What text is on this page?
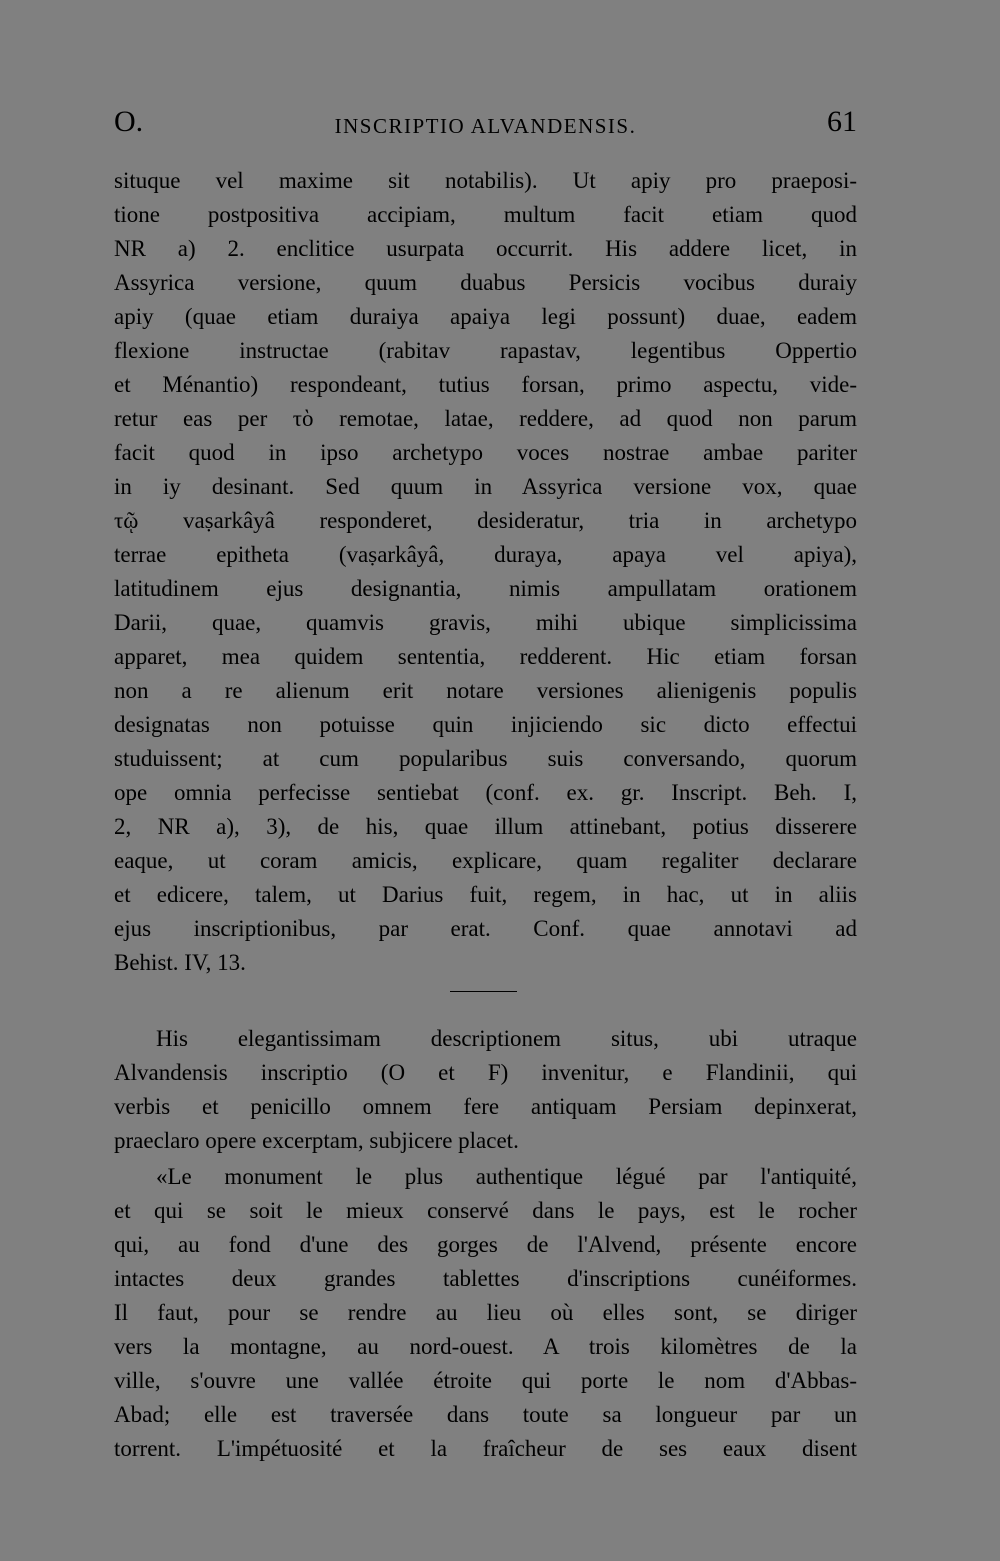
O.	INSCRIPTIO ALVANDENSIS.	61
situque vel maxime sit notabilis). Ut apiy pro praeposi-
tione postpositiva accipiam, multum facit etiam quod
NR a) 2. enclitice usurpata occurrit. His addere licet, in
Assyrica versione, quum duabus Persicis vocibus duraiy
apiy (quae etiam duraiya apaiya legi possunt) duae, eadem
flexione instructae (rabitav rapastav, legentibus Oppertio
et Ménantio) respondeant, tutius forsan, primo aspectu, vide-
retur eas per τὸ remotae, latae, reddere, ad quod non parum
facit quod in ipso archetypo voces nostrae ambae pariter
in iy desinant. Sed quum in Assyrica versione vox, quae
τῷ vaṣarkâyâ responderet, desideratur, tria in archetypo
terrae epitheta (vaṣarkâyâ, duraya, apaya vel apiya),
latitudinem ejus designantia, nimis ampullatam orationem
Darii, quae, quamvis gravis, mihi ubique simplicissima
apparet, mea quidem sententia, redderent. Hic etiam forsan
non a re alienum erit notare versiones alienigenis populis
designatas non potuisse quin injiciendo sic dicto effectui
studuissent; at cum popularibus suis conversando, quorum
ope omnia perfecisse sentiebat (conf. ex. gr. Inscript. Beh. I,
2, NR a), 3), de his, quae illum attinebant, potius disserere
eaque, ut coram amicis, explicare, quam regaliter declarare
et edicere, talem, ut Darius fuit, regem, in hac, ut in aliis
ejus inscriptionibus, par erat. Conf. quae annotavi ad
Behist. IV, 13.
His elegantissimam descriptionem situs, ubi utraque
Alvandensis inscriptio (O et F) invenitur, e Flandinii, qui
verbis et penicillo omnem fere antiquam Persiam depinxerat,
praeclaro opere excerptam, subjicere placet.
«Le monument le plus authentique légué par l'antiquité,
et qui se soit le mieux conservé dans le pays, est le rocher
qui, au fond d'une des gorges de l'Alvend, présente encore
intactes deux grandes tablettes d'inscriptions cunéiformes.
Il faut, pour se rendre au lieu où elles sont, se diriger
vers la montagne, au nord-ouest. A trois kilomètres de la
ville, s'ouvre une vallée étroite qui porte le nom d'Abbas-
Abad; elle est traversée dans toute sa longueur par un
torrent. L'impétuosité et la fraîcheur de ses eaux disent
